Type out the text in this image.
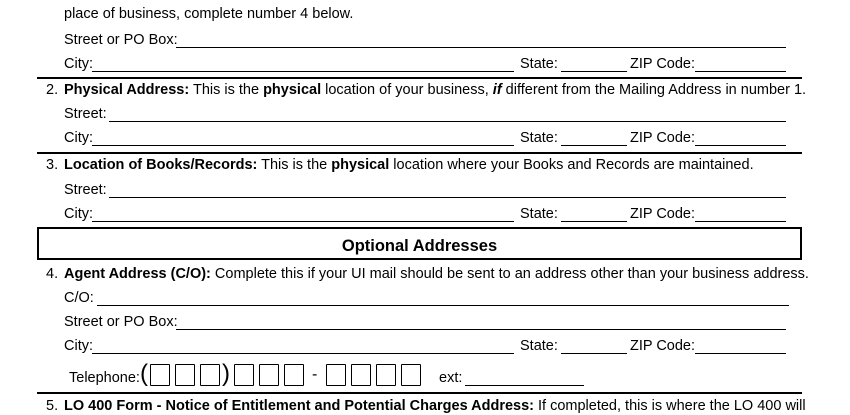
place of business, complete number 4 below.
Street or PO Box:
City:	State:	ZIP Code:
2. Physical Address: This is the physical location of your business, if different from the Mailing Address in number 1.
Street:
City:	State:	ZIP Code:
3. Location of Books/Records: This is the physical location where your Books and Records are maintained.
Street:
City:	State:	ZIP Code:
Optional Addresses
4. Agent Address (C/O): Complete this if your UI mail should be sent to an address other than your business address.
C/O:
Street or PO Box:
City:	State:	ZIP Code:
Telephone: (	)	-	ext:
5. LO 400 Form - Notice of Entitlement and Potential Charges Address: If completed, this is where the LO 400 will
